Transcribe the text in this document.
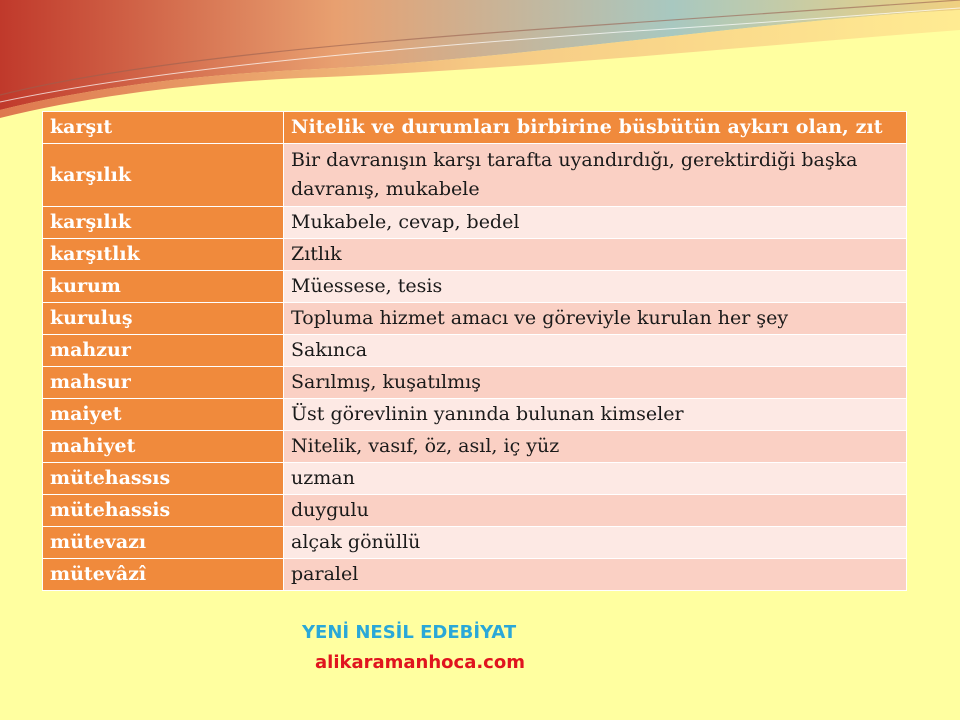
karşıt	Nitelik ve durumları birbirine büsbütün aykırı olan, zıt
karşılık	Bir davranışın karşı tarafta uyandırdığı, gerektirdiği başka davranış, mukabele
karşılık	Mukabele, cevap, bedel
karşıtlık	Zıtlık
kurum	Müessese, tesis
kuruluş	Topluma hizmet amacı ve göreviyle kurulan her şey
mahzur	Sakınca
mahsur	Sarılmış, kuşatılmış
maiyet	Üst görevlinin yanında bulunan kimseler
mahiyet	Nitelik, vasıf, öz, asıl, iç yüz
mütehassıs	uzman
mütehassis	duygulu
mütevazı	alçak gönüllü
mütevâzî	paralel
YENİ NESİL EDEBİYAT
alikaramanhoca.com
